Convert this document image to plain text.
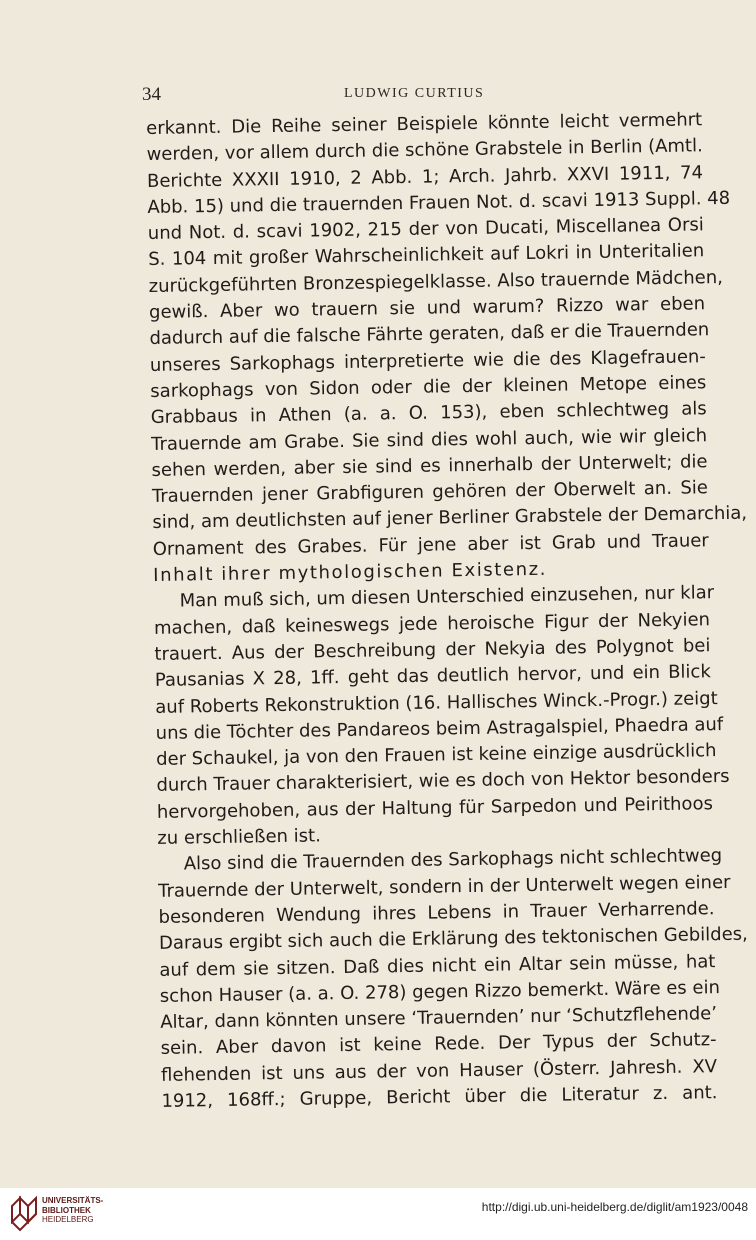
34	LUDWIG CURTIUS
erkannt. Die Reihe seiner Beispiele könnte leicht vermehrt
werden, vor allem durch die schöne Grabstele in Berlin (Amtl.
Berichte XXXII 1910, 2 Abb. 1; Arch. Jahrb. XXVI 1911, 74
Abb. 15) und die trauernden Frauen Not. d. scavi 1913 Suppl. 48
und Not. d. scavi 1902, 215 der von Ducati, Miscellanea Orsi
S. 104 mit großer Wahrscheinlichkeit auf Lokri in Unteritalien
zurückgeführten Bronzespiegelklasse. Also trauernde Mädchen,
gewiß. Aber wo trauern sie und warum? Rizzo war eben
dadurch auf die falsche Fährte geraten, daß er die Trauernden
unseres Sarkophags interpretierte wie die des Klagefrauen-
sarkophags von Sidon oder die der kleinen Metope eines
Grabbaus in Athen (a. a. O. 153), eben schlechtweg als
Trauernde am Grabe. Sie sind dies wohl auch, wie wir gleich
sehen werden, aber sie sind es innerhalb der Unterwelt; die
Trauernden jener Grabfiguren gehören der Oberwelt an. Sie
sind, am deutlichsten auf jener Berliner Grabstele der Demarchia,
Ornament des Grabes. Für jene aber ist Grab und Trauer
Inhalt ihrer mythologischen Existenz.
Man muß sich, um diesen Unterschied einzusehen, nur klar
machen, daß keineswegs jede heroische Figur der Nekyien
trauert. Aus der Beschreibung der Nekyia des Polygnot bei
Pausanias X 28, 1ff. geht das deutlich hervor, und ein Blick
auf Roberts Rekonstruktion (16. Hallisches Winck.-Progr.) zeigt
uns die Töchter des Pandareos beim Astragalspiel, Phaedra auf
der Schaukel, ja von den Frauen ist keine einzige ausdrücklich
durch Trauer charakterisiert, wie es doch von Hektor besonders
hervorgehoben, aus der Haltung für Sarpedon und Peirithoos
zu erschließen ist.
Also sind die Trauernden des Sarkophags nicht schlechtweg
Trauernde der Unterwelt, sondern in der Unterwelt wegen einer
besonderen Wendung ihres Lebens in Trauer Verharrende.
Daraus ergibt sich auch die Erklärung des tektonischen Gebildes,
auf dem sie sitzen. Daß dies nicht ein Altar sein müsse, hat
schon Hauser (a. a. O. 278) gegen Rizzo bemerkt. Wäre es ein
Altar, dann könnten unsere ‘Trauernden’ nur ‘Schutzflehende’
sein. Aber davon ist keine Rede. Der Typus der Schutz-
flehenden ist uns aus der von Hauser (Österr. Jahresh. XV
1912, 168ff.; Gruppe, Bericht über die Literatur z. ant.
UNIVERSITÄTS-
BIBLIOTHEK
HEIDELBERG
http://digi.ub.uni-heidelberg.de/diglit/am1923/0048
